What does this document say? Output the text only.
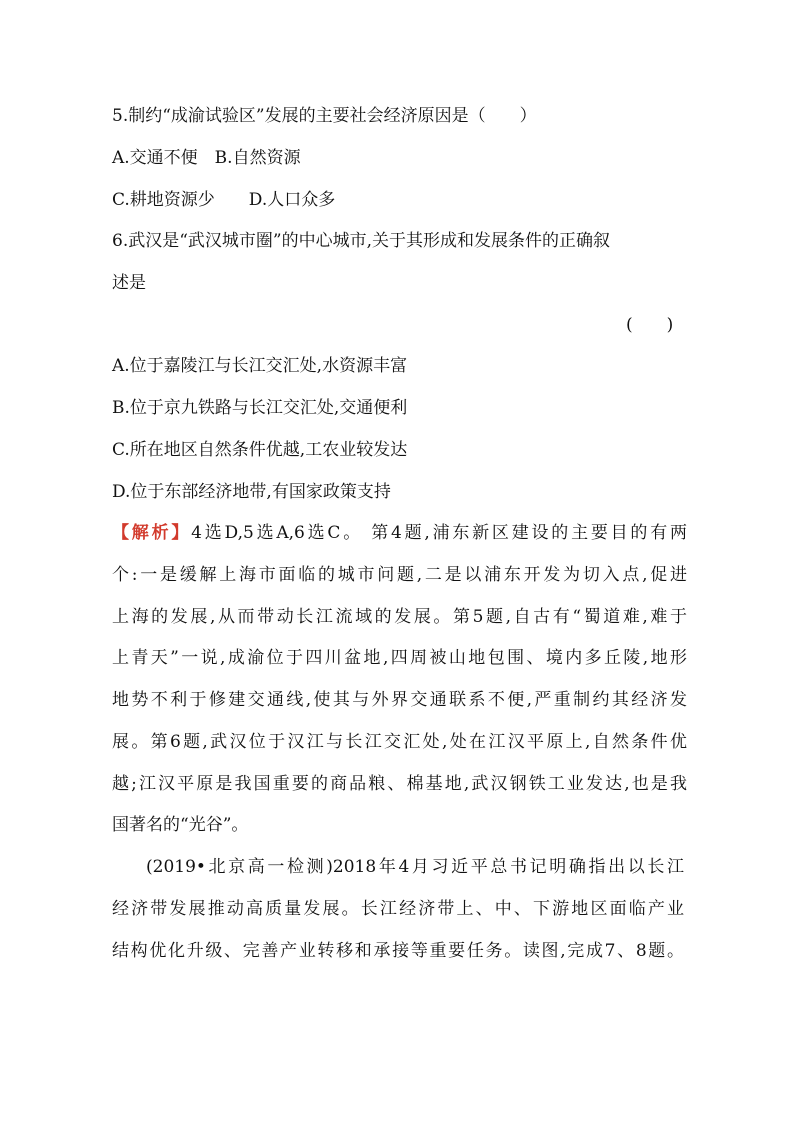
5.制约“成渝试验区”发展的主要社会经济原因是（　　）
A.交通不便　B.自然资源
C.耕地资源少　　D.人口众多
6.武汉是“武汉城市圈”的中心城市,关于其形成和发展条件的正确叙
述是
(　　)
A.位于嘉陵江与长江交汇处,水资源丰富
B.位于京九铁路与长江交汇处,交通便利
C.所在地区自然条件优越,工农业较发达
D.位于东部经济地带,有国家政策支持
【解析】4选D,5选A,6选C。 第4题,浦东新区建设的主要目的有两
个:一是缓解上海市面临的城市问题,二是以浦东开发为切入点,促进
上海的发展,从而带动长江流域的发展。第5题,自古有“蜀道难,难于
上青天”一说,成渝位于四川盆地,四周被山地包围、境内多丘陵,地形
地势不利于修建交通线,使其与外界交通联系不便,严重制约其经济发
展。第6题,武汉位于汉江与长江交汇处,处在江汉平原上,自然条件优
越;江汉平原是我国重要的商品粮、棉基地,武汉钢铁工业发达,也是我
国著名的“光谷”。
(2019•北京高一检测)2018年4月习近平总书记明确指出以长江
经济带发展推动高质量发展。长江经济带上、中、下游地区面临产业
结构优化升级、完善产业转移和承接等重要任务。读图,完成7、8题。
